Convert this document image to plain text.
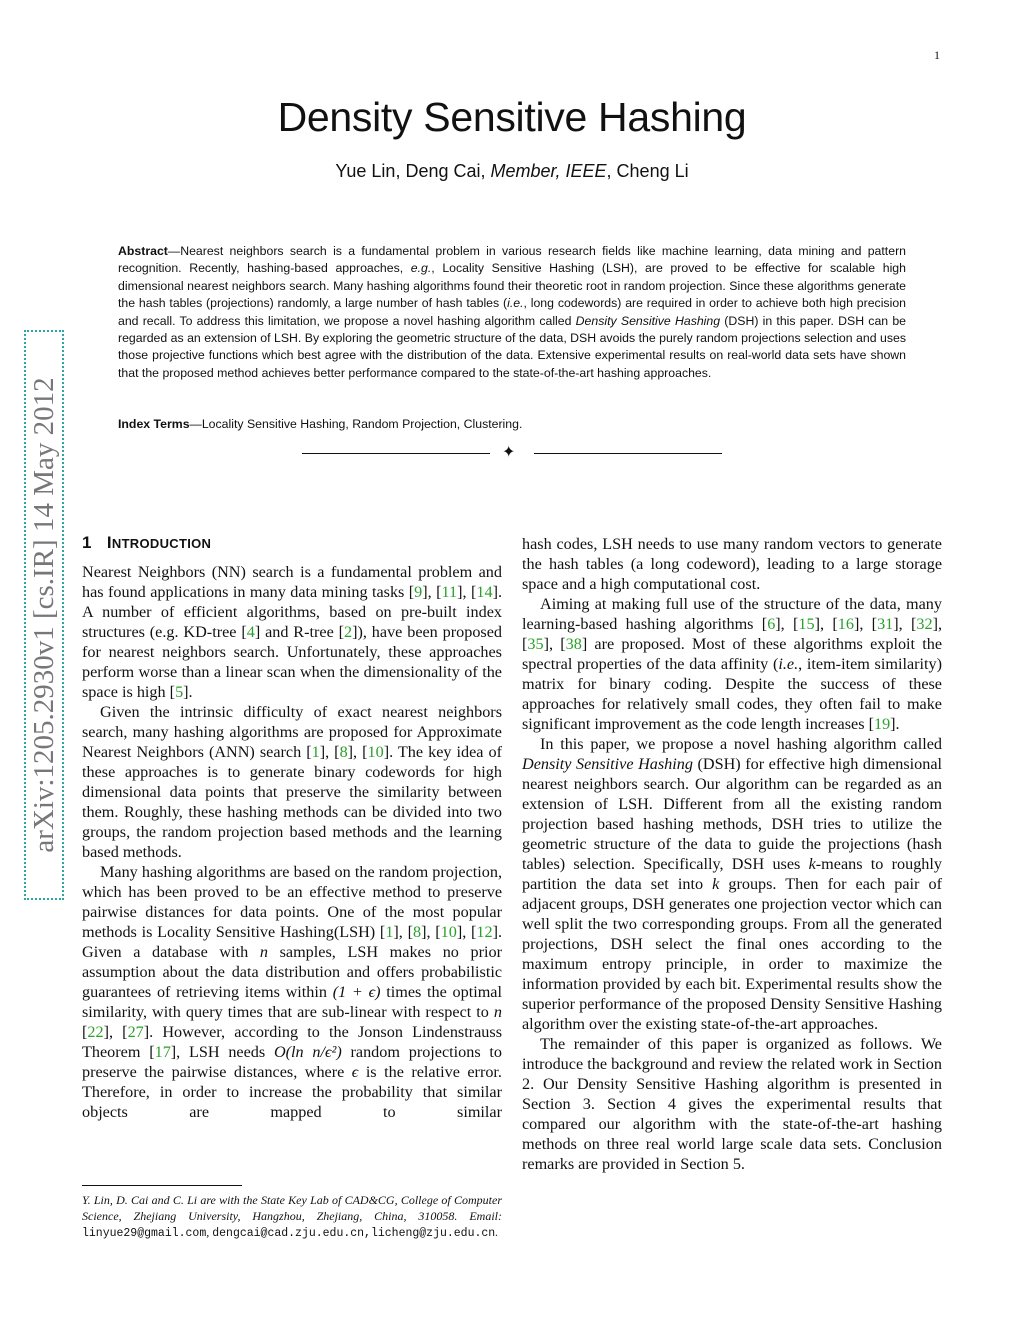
1
Density Sensitive Hashing
Yue Lin, Deng Cai, Member, IEEE, Cheng Li

Abstract—Nearest neighbors search is a fundamental problem in various research fields like machine learning, data mining and pattern recognition. Recently, hashing-based approaches, e.g., Locality Sensitive Hashing (LSH), are proved to be effective for scalable high dimensional nearest neighbors search. Many hashing algorithms found their theoretic root in random projection. Since these algorithms generate the hash tables (projections) randomly, a large number of hash tables (i.e., long codewords) are required in order to achieve both high precision and recall. To address this limitation, we propose a novel hashing algorithm called Density Sensitive Hashing (DSH) in this paper. DSH can be regarded as an extension of LSH. By exploring the geometric structure of the data, DSH avoids the purely random projections selection and uses those projective functions which best agree with the distribution of the data. Extensive experimental results on real-world data sets have shown that the proposed method achieves better performance compared to the state-of-the-art hashing approaches.

Index Terms—Locality Sensitive Hashing, Random Projection, Clustering.

✦
arXiv:1205.2930v1 [cs.IR] 14 May 2012 1 INTRODUCTION

Nearest Neighbors (NN) search is a fundamental problem and has found applications in many data mining tasks [9], [11], [14]. A number of efficient algorithms, based on pre-built index structures (e.g. KD-tree [4] and R-tree [2]), have been proposed for nearest neighbors search. Unfortunately, these approaches perform worse than a linear scan when the dimensionality of the space is high [5].

Given the intrinsic difficulty of exact nearest neighbors search, many hashing algorithms are proposed for Approximate Nearest Neighbors (ANN) search [1], [8], [10]. The key idea of these approaches is to generate binary codewords for high dimensional data points that preserve the similarity between them. Roughly, these hashing methods can be divided into two groups, the random projection based methods and the learning based methods.

Many hashing algorithms are based on the random projection, which has been proved to be an effective method to preserve pairwise distances for data points. One of the most popular methods is Locality Sensitive Hashing(LSH) [1], [8], [10], [12]. Given a database with n samples, LSH makes no prior assumption about the data distribution and offers probabilistic guarantees of retrieving items within (1 + ϵ) times the optimal similarity, with query times that are sub-linear with respect to n [22], [27]. However, according to the Jonson Lindenstrauss Theorem [17], LSH needs O(ln n/ϵ²) random projections to preserve the pairwise distances, where ϵ is the relative error. Therefore, in order to increase the probability that similar objects are mapped to similar

Y. Lin, D. Cai and C. Li are with the State Key Lab of CAD&CG, College of Computer Science, Zhejiang University, Hangzhou, Zhejiang, China, 310058. Email: linyue29@gmail.com, dengcai@cad.zju.edu.cn,licheng@zju.edu.cn.

hash codes, LSH needs to use many random vectors to generate the hash tables (a long codeword), leading to a large storage space and a high computational cost.

Aiming at making full use of the structure of the data, many learning-based hashing algorithms [6], [15], [16], [31], [32], [35], [38] are proposed. Most of these algorithms exploit the spectral properties of the data affinity (i.e., item-item similarity) matrix for binary coding. Despite the success of these approaches for relatively small codes, they often fail to make significant improvement as the code length increases [19].

In this paper, we propose a novel hashing algorithm called Density Sensitive Hashing (DSH) for effective high dimensional nearest neighbors search. Our algorithm can be regarded as an extension of LSH. Different from all the existing random projection based hashing methods, DSH tries to utilize the geometric structure of the data to guide the projections (hash tables) selection. Specifically, DSH uses k-means to roughly partition the data set into k groups. Then for each pair of adjacent groups, DSH generates one projection vector which can well split the two corresponding groups. From all the generated projections, DSH select the final ones according to the maximum entropy principle, in order to maximize the information provided by each bit. Experimental results show the superior performance of the proposed Density Sensitive Hashing algorithm over the existing state-of-the-art approaches.

The remainder of this paper is organized as follows. We introduce the background and review the related work in Section 2. Our Density Sensitive Hashing algorithm is presented in Section 3. Section 4 gives the experimental results that compared our algorithm with the state-of-the-art hashing methods on three real world large scale data sets. Conclusion remarks are provided in Section 5.
